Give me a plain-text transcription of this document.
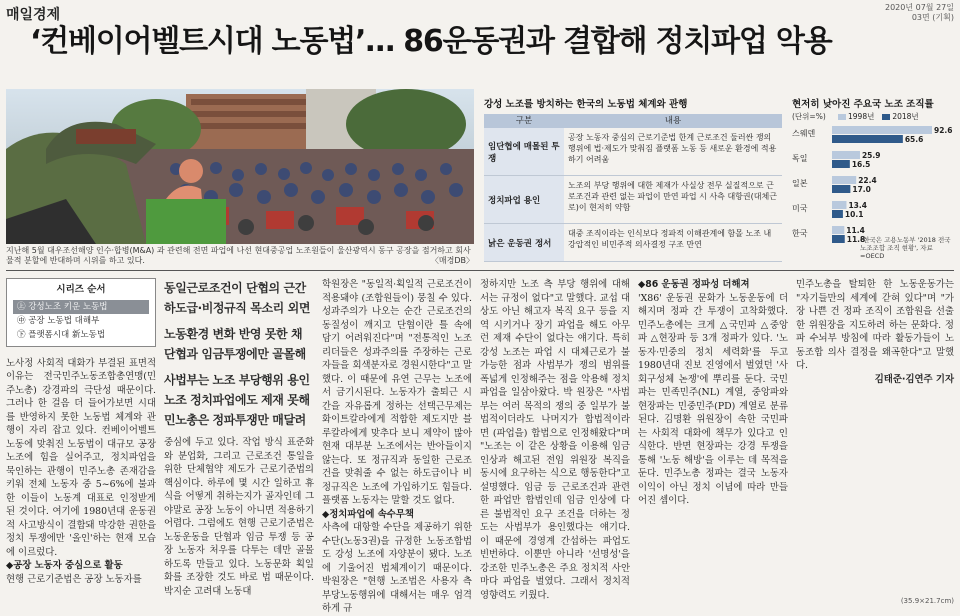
매일경제	2020년 07월 27일
03면 (기획)
‘컨베이어벨트시대 노동법’… 86운동권과 결합해 정치파업 악용
지난해 5월 대우조선해양 인수·합병(M&A) 과 관련해 전면 파업에 나선 현대중공업 노조원들이 울산광역시 동구 공장을 점거하고 회사 물적 분할에 반대하며 시위를 하고 있다.	〈매경DB〉
강성 노조를 방치하는 한국의 노동법 체계와 관행
구분	내용
임단협에 매몰된 투쟁
공장 노동자 중심의 근로기준법 한계 근로조건 둘러싼 쟁의 행위에 법·제도가 맞춰짐 플랫폼 노동 등 새로운 환경에 적용하기 어려움
정치파업 용인
노조의 부당 행위에 대한 제재가 사실상 전무 실질적으로 근로조건과 관련 없는 파업이 만연 파업 시 사측 대항권(대체근로)이 현저히 약함
낡은 운동권 정서
대중 조직이라는 인식보다 정파적 이해관계에 함몰 노조 내 강압적인 비민주적 의사결정 구조 만연
현저히 낮아진 주요국 노조 조직률
(단위=%)	1998년	2018년
스웨덴	92.6
65.6
독일	25.9
16.5
일본	22.4
17.0
미국	13.4
10.1
한국	11.4
11.8
*한국은 고용노동부 '2018 전국 노조조합 조직 현황', 자료=OECD
시리즈 순서
㊤ 강성노조 키운 노동법
㊥ 공장 노동법 대해부
㊦ 플랫폼시대 新노동법

노사정 사회적 대화가 부결된 표면적 이유는 전국민주노동조합총연맹(민주노총) 강경파의 극단성 때문이다. 그러나 한 걸음 더 들어가보면 시대를 반영하지 못한 노동법 체계와 관행이 자리 잡고 있다. 컨베이어벨트 노동에 맞춰진 노동법이 대규모 공장 노조에 힘을 실어주고, 정치파업을 묵인하는 관행이 민주노총 존재감을 키워 전체 노동자 중 5~6%에 불과한 이들이 노동계 대표로 인정받게 된 것이다. 여기에 1980년대 운동권적 사고방식이 결합돼 막강한 권한을 정치 투쟁에만 '올인'하는 현재 모습에 이르렀다.

◆공장 노동자 중심으로 활동

현행 근로기준법은 공장 노동자를

동일근로조건이 단협의 근간
하도급·비정규직 목소리 외면
노동환경 변화 반영 못한 채
단협과 임금투쟁에만 골몰해
사법부는 노조 부당행위 용인
노조 정치파업에도 제재 못해
민노총은 정파투쟁만 매달려

중심에 두고 있다. 작업 방식 표준화와 분업화, 그리고 근로조건 통일을 위한 단체협약 제도가 근로기준법의 핵심이다. 하루에 몇 시간 일하고 휴식을 어떻게 취하는지가 골자인데 그야말로 공장 노동이 아니면 적용하기 어렵다. 그럼에도 현행 근로기준법은 노동운동을 단협과 임금 투쟁 등 공장 노동자 처우를 다투는 데만 골몰하도록 만들고 있다. 노동문화 획일화를 조장한 것도 바로 법 때문이다. 박지순 고려대 노동대

학원장은 "동일적·획일적 근로조건이 적용돼야 (조합원들이) 뭉칠 수 있다. 성과주의가 나오는 순간 근로조건의 동질성이 깨지고 단협이란 틀 속에 담기 어려워진다"며 "전통적인 노조 리더들은 성과주의를 주장하는 근로자들을 회색분자로 경원시한다"고 말했다. 이 때문에 유연 근무는 노조에서 금기시된다. 노동자가 출퇴근 시간을 자유롭게 정하는 선택근무제는 화이트칼라에게 적합한 제도지만 블루칼라에게 맞추다 보니 제약이 많아 현재 대부분 노조에서는 반아들이지 않는다. 또 정규직과 동일한 근로조건을 맞춰줄 수 없는 하도급이나 비정규직은 노조에 가입하기도 힘들다. 플랫폼 노동자는 말할 것도 없다.

◆정치파업에 속수무책

사측에 대항할 수단을 제공하기 위한 수단(노동3권)을 규정한 노동조합법도 강성 노조에 자양분이 됐다. 노조에 기울어진 법체계이기 때문이다. 박원장은 "현행 노조법은 사용자 측 부당노동행위에 대해서는 매우 엄격하게 규

정하지만 노조 측 부당 행위에 대해서는 규정이 없다"고 말했다. 교섭 대상도 아닌 해고자 복직 요구 등을 지역 시키거나 장기 파업을 해도 아무런 제재 수단이 없다는 얘기다. 특히 강성 노조는 파업 시 대체근로가 불가능한 점과 사법부가 쟁의 범위를 폭넓게 인정해주는 점을 악용해 정치파업을 일삼아왔다. 박 원장은 "사법부는 여러 목적의 쟁의 중 일부가 불법적이더라도 나머지가 합법적이라면 (파업을) 합법으로 인정해왔다"며 "노조는 이 같은 상황을 이용해 임금 인상과 해고된 전임 위원장 복직을 동시에 요구하는 식으로 행동한다"고 설명했다. 임금 등 근로조건과 관련한 파업만 합법인데 임금 인상에 다른 불법적인 요구 조건을 더하는 정도는 사법부가 용인했다는 얘기다. 이 때문에 경영계 간섭하는 파업도 빈번하다. 이뿐만 아니라 '선명성'을 강조한 민주노총은 주요 정치적 사안마다 파업을 벌였다. 그래서 정치적 영향력도 키웠다.

◆86 운동권 정파성 더해져

'X86' 운동권 문화가 노동운동에 더해지며 정파 간 투쟁이 고착화했다. 민주노총에는 크게 △국민파 △중앙파 △현장파 등 3개 정파가 있다. '노동자·민중의 정치 세력화'를 두고 1980년대 진보 진영에서 벌였던 '사회구성체 논쟁'에 뿌리를 둔다. 국민파는 민족민주(NL) 계열, 중앙파와 현장파는 민중민주(PD) 계열로 분류된다. 김명환 위원장이 속한 국민파는 사회적 대화에 책무가 있다고 인식한다. 반면 현장파는 강경 투쟁을 통해 '노동 해방'을 이루는 데 목적을 둔다. 민주노총 정파는 결국 노동자 이익이 아닌 정치 이념에 따라 만들어진 셈이다.

민주노총을 탈퇴한 한 노동운동가는 "자기들만의 세계에 갇혀 있다"며 "가장 나쁜 건 정파 조직이 조합원을 선출한 위원장을 지도하려 하는 문화다. 정파 수뇌부 방침에 따라 활동가들이 노동조합 의사 결정을 왜곡한다"고 말했다.

김태준·김연주 기자

(35.9×21.7cm)
